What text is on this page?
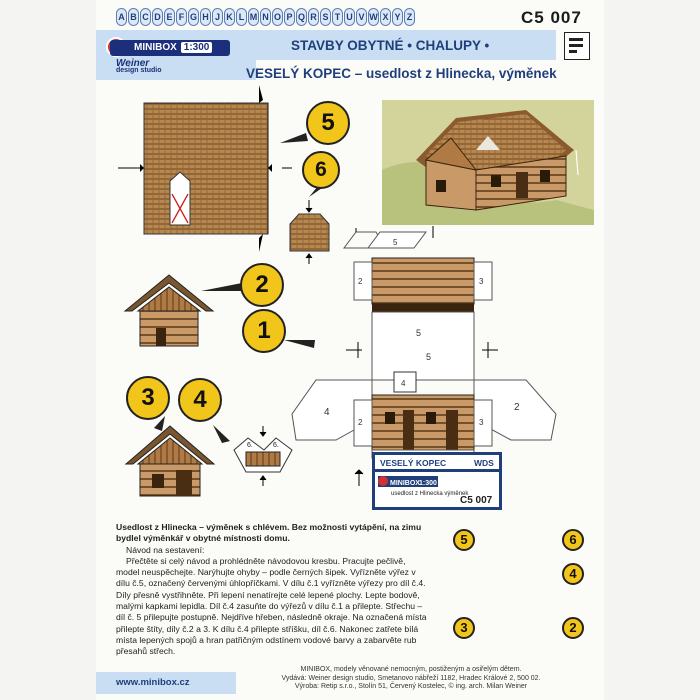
A B C D E F G H J K L M N O P Q R S T U V W X Y Z	C5 007
MINIBOX 1:300
Weiner
design studio
STAVBY OBYTNÉ • CHALUPY •
VESELÝ KOPEC – usedlost z Hlinecka, výměnek
6.	6.
5
2	3
5
5
4	2
4
2	3
VESELÝ KOPEC	WDS
MINIBOX 1:300
usedlost z Hlinecka výměnek
C5 007
5
6
2
1
3	4
5	6
4
2
3
Usedlost z Hlinecka – výměnek s chlévem. Bez možnosti vytápění, na zimu bydlel výměnkář v obytné místnosti domu.
Návod na sestavení:
Přečtěte si celý návod a prohlédněte návodovou kresbu. Pracujte pečlivě, model neuspěchejte. Narýhujte ohyby – podle černých šipek. Vyřízněte výřez v dílu č.5, označený červenými úhlopříčkami. V dílu č.1 vyřízněte výřezy pro díl č.4. Díly přesně vystřihněte. Při lepení nenatírejte celé lepené plochy. Lepte bodově, malými kapkami lepidla. Díl č.4 zasuňte do výřezů v dílu č.1 a přilepte. Střechu – díl č. 5 přilepujte postupně. Nejdříve hřeben, následně okraje. Na označená místa přilepte štíty, díly č.2 a 3. K dílu č.4 přilepte stříšku, díl č.6. Nakonec zatřete bílá místa lepených spojů a hran patřičným odstínem vodové barvy a zabarvěte rub přesahů střech.
www.minibox.cz
MINIBOX, modely věnované nemocným, postiženým a osiřelým dětem.
Vydává: Weiner design studio, Smetanovo nábřeží 1182, Hradec Králové 2, 500 02.
Výroba: Retip s.r.o., Stolín 51, Červený Kostelec, © ing. arch. Milan Weiner
